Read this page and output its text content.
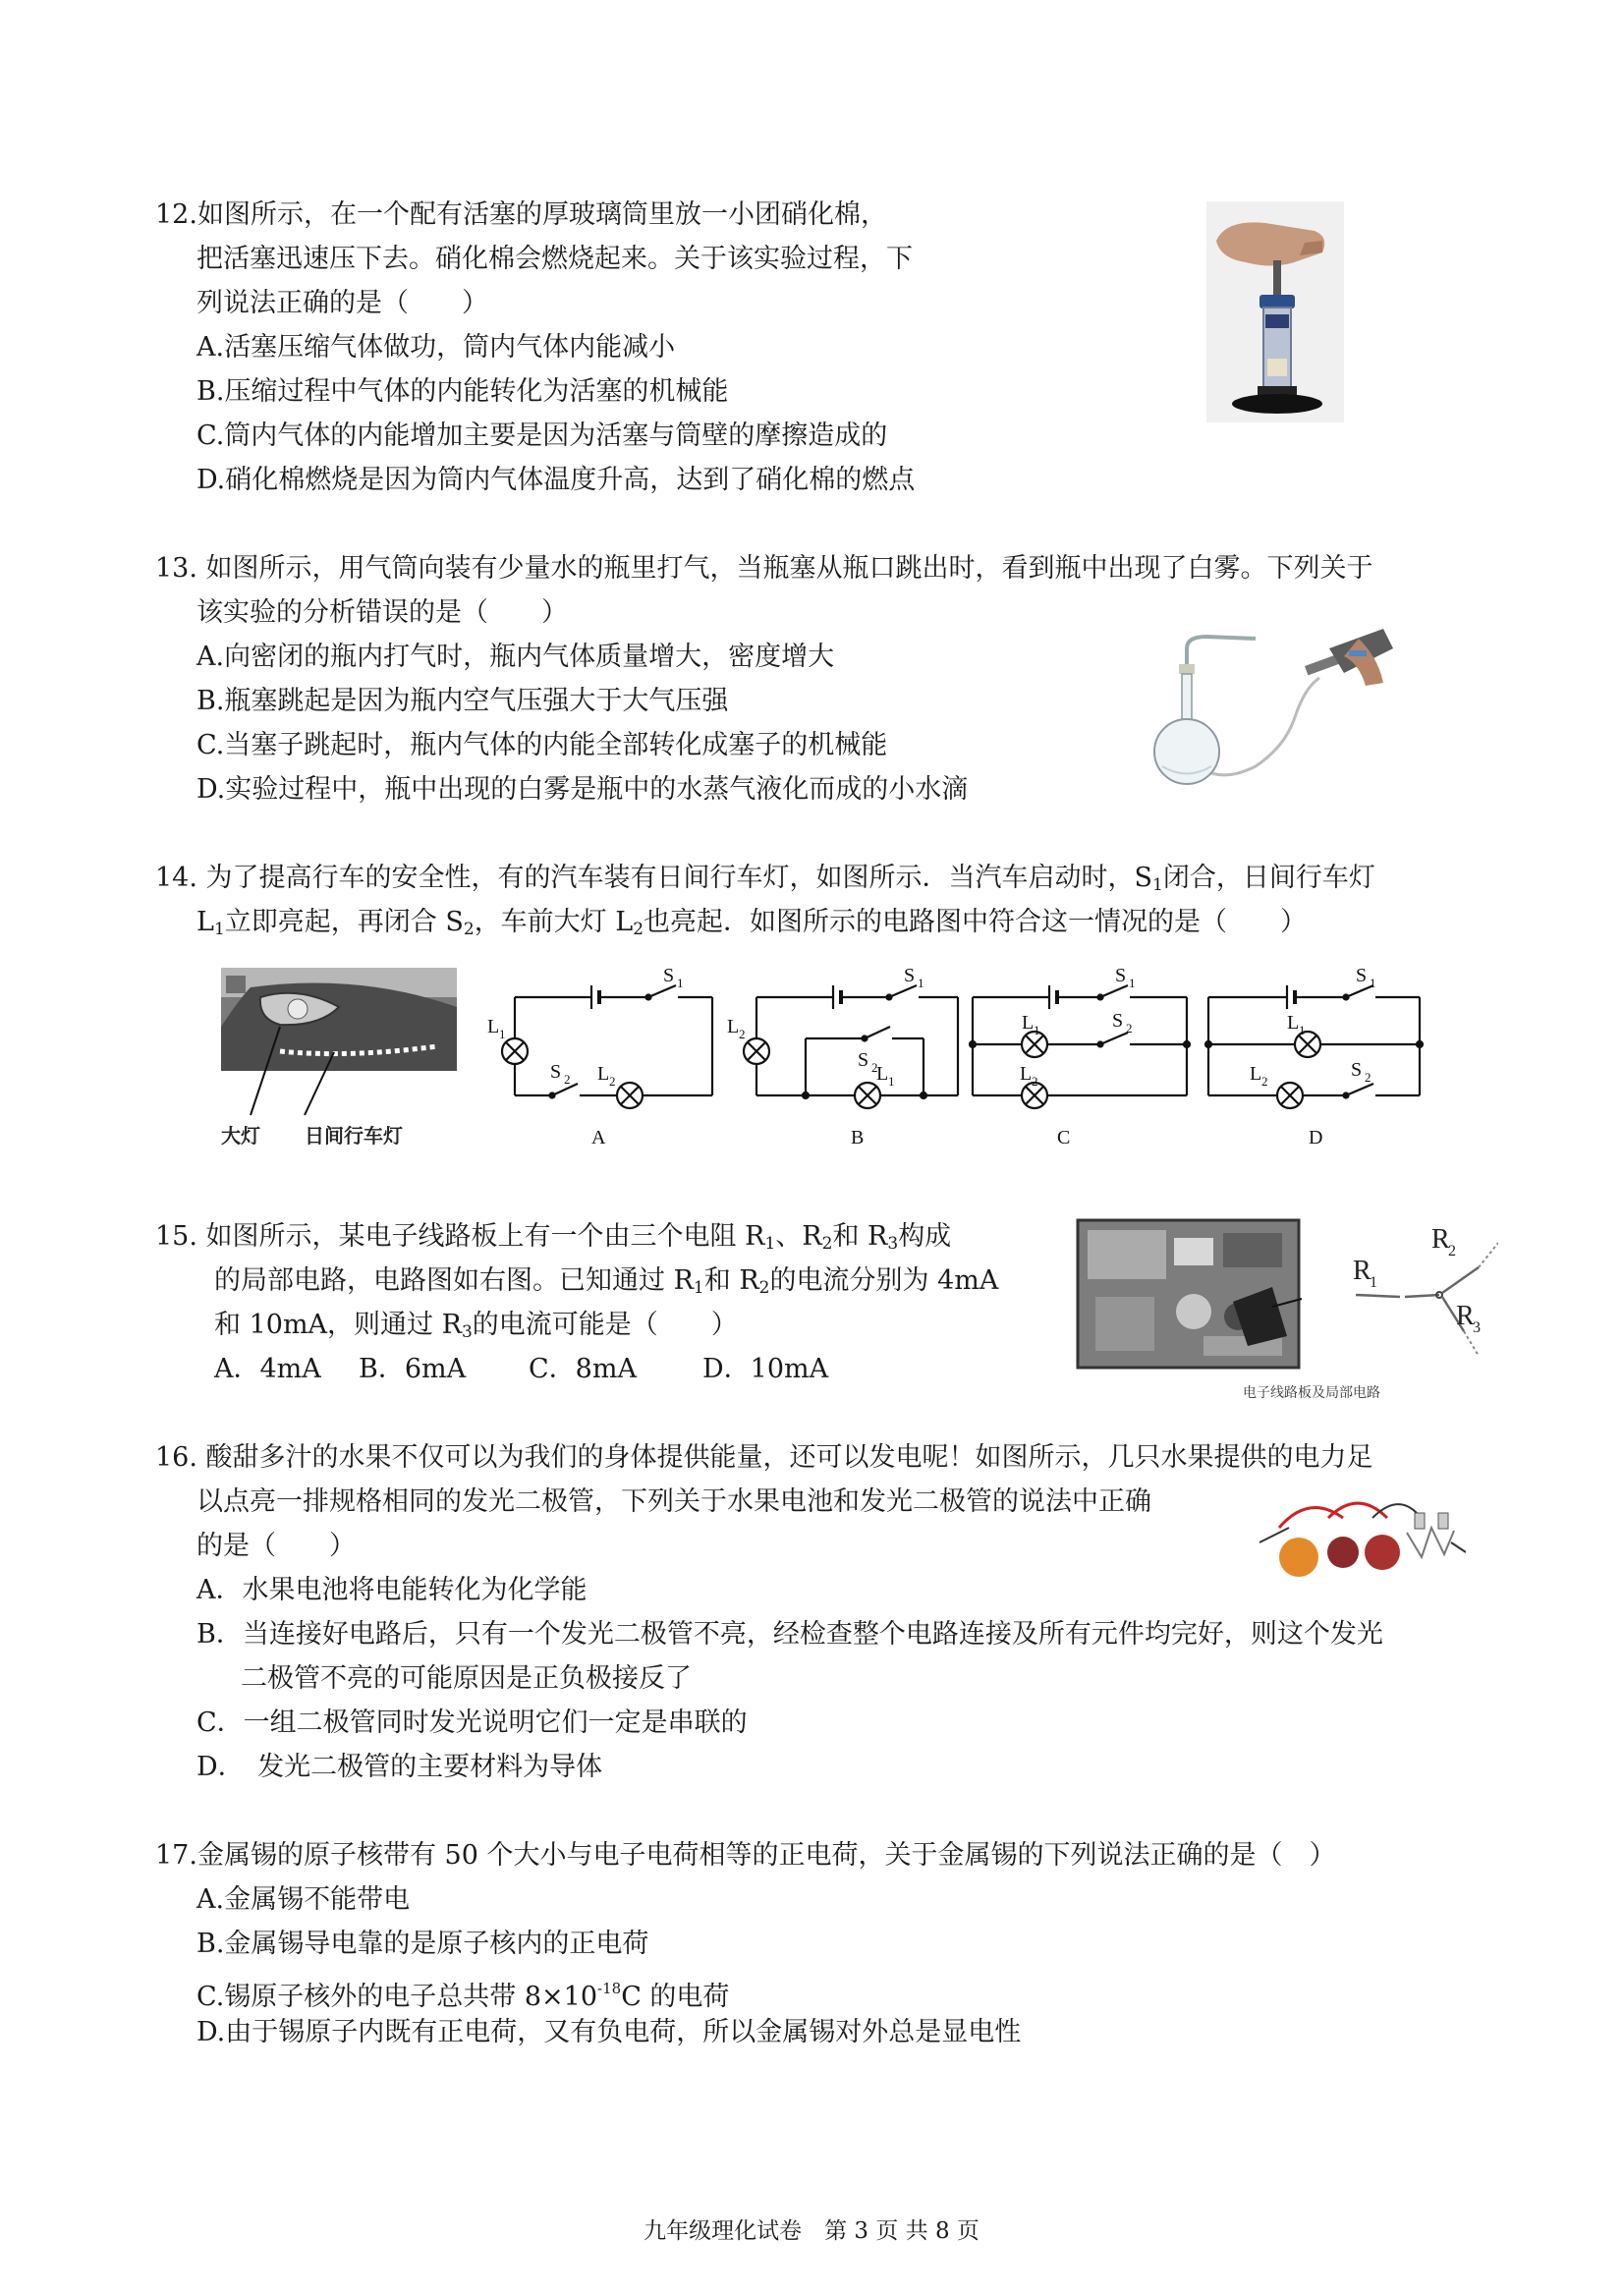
12.如图所示，在一个配有活塞的厚玻璃筒里放一小团硝化棉，
把活塞迅速压下去。硝化棉会燃烧起来。关于该实验过程，下
列说法正确的是（　　）
A.活塞压缩气体做功，筒内气体内能减小
B.压缩过程中气体的内能转化为活塞的机械能
C.筒内气体的内能增加主要是因为活塞与筒壁的摩擦造成的
D.硝化棉燃烧是因为筒内气体温度升高，达到了硝化棉的燃点
13. 如图所示，用气筒向装有少量水的瓶里打气，当瓶塞从瓶口跳出时，看到瓶中出现了白雾。下列关于
该实验的分析错误的是（　　）
A.向密闭的瓶内打气时，瓶内气体质量增大，密度增大
B.瓶塞跳起是因为瓶内空气压强大于大气压强
C.当塞子跳起时，瓶内气体的内能全部转化成塞子的机械能
D.实验过程中，瓶中出现的白雾是瓶中的水蒸气液化而成的小水滴
14. 为了提高行车的安全性，有的汽车装有日间行车灯，如图所示．当汽车启动时，$S_1$闭合，日间行车灯
$L_1$立即亮起，再闭合 $S_2$，车前大灯 $L_2$也亮起．如图所示的电路图中符合这一情况的是（　　）
大灯 日间行车灯
S 1
L 1
S 2 L 2
A
S 1
L 2
S 2
L 1
B
S 1
S 2
L 1
L 2
C
S 1
L 1
S 2
L 2
D
15. 如图所示，某电子线路板上有一个由三个电阻 $R_1$、$R_2$和 $R_3$构成
的局部电路，电路图如右图。已知通过 $R_1$和 $R_2$的电流分别为 4mA
和 10mA，则通过 $R_3$的电流可能是（　　）
A．4mA B．6mA C．8mA D．10mA
R
1
R
2
R
3
电子线路板及局部电路
16. 酸甜多汁的水果不仅可以为我们的身体提供能量，还可以发电呢！如图所示，几只水果提供的电力足
以点亮一排规格相同的发光二极管，下列关于水果电池和发光二极管的说法中正确
的是（　　）
A．水果电池将电能转化为化学能
B．当连接好电路后，只有一个发光二极管不亮，经检查整个电路连接及所有元件均完好，则这个发光
二极管不亮的可能原因是正负极接反了
C．一组二极管同时发光说明它们一定是串联的
D．　发光二极管的主要材料为导体
17.金属锡的原子核带有 50 个大小与电子电荷相等的正电荷，关于金属锡的下列说法正确的是（　）
A.金属锡不能带电
B.金属锡导电靠的是原子核内的正电荷
C.锡原子核外的电子总共带 $8\times 10^{-18}C$ 的电荷
D.由于锡原子内既有正电荷，又有负电荷，所以金属锡对外总是显电性
九年级理化试卷　第 3 页 共 8 页
